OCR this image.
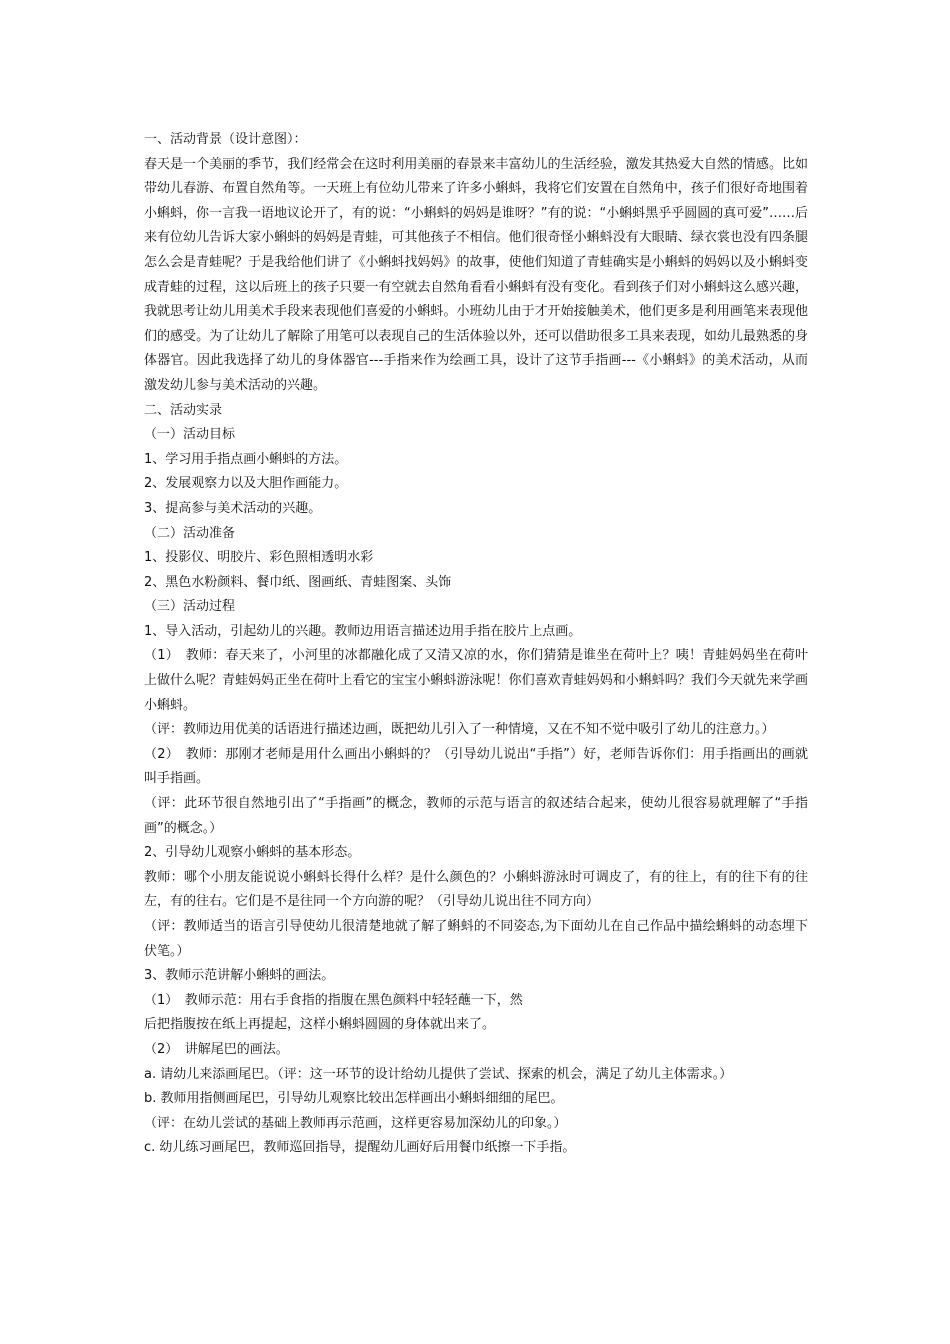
一、活动背景（设计意图）：

春天是一个美丽的季节，我们经常会在这时利用美丽的春景来丰富幼儿的生活经验，激发其热爱大自然的情感。比如带幼儿春游、布置自然角等。一天班上有位幼儿带来了许多小蝌蚪，我将它们安置在自然角中，孩子们很好奇地围着小蝌蚪，你一言我一语地议论开了，有的说：“小蝌蚪的妈妈是谁呀？”有的说：“小蝌蚪黑乎乎圆圆的真可爱”……后来有位幼儿告诉大家小蝌蚪的妈妈是青蛙，可其他孩子不相信。他们很奇怪小蝌蚪没有大眼睛、绿衣裳也没有四条腿怎么会是青蛙呢？于是我给他们讲了《小蝌蚪找妈妈》的故事，使他们知道了青蛙确实是小蝌蚪的妈妈以及小蝌蚪变成青蛙的过程，这以后班上的孩子只要一有空就去自然角看看小蝌蚪有没有变化。看到孩子们对小蝌蚪这么感兴趣，我就思考让幼儿用美术手段来表现他们喜爱的小蝌蚪。小班幼儿由于才开始接触美术，他们更多是利用画笔来表现他们的感受。为了让幼儿了解除了用笔可以表现自己的生活体验以外，还可以借助很多工具来表现，如幼儿最熟悉的身体器官。因此我选择了幼儿的身体器官---手指来作为绘画工具，设计了这节手指画---《小蝌蚪》的美术活动，从而激发幼儿参与美术活动的兴趣。

二、活动实录

（一）活动目标

1、学习用手指点画小蝌蚪的方法。

2、发展观察力以及大胆作画能力。

3、提高参与美术活动的兴趣。

（二）活动准备

1、投影仪、明胶片、彩色照相透明水彩

2、黑色水粉颜料、餐巾纸、图画纸、青蛙图案、头饰

（三）活动过程

1、导入活动，引起幼儿的兴趣。教师边用语言描述边用手指在胶片上点画。

（1）　教师：春天来了，小河里的冰都融化成了又清又凉的水，你们猜猜是谁坐在荷叶上？咦！青蛙妈妈坐在荷叶上做什么呢？青蛙妈妈正坐在荷叶上看它的宝宝小蝌蚪游泳呢！你们喜欢青蛙妈妈和小蝌蚪吗？我们今天就先来学画小蝌蚪。

（评：教师边用优美的话语进行描述边画，既把幼儿引入了一种情境，又在不知不觉中吸引了幼儿的注意力。）

（2）　教师：那刚才老师是用什么画出小蝌蚪的？（引导幼儿说出“手指”）好，老师告诉你们：用手指画出的画就叫手指画。

（评：此环节很自然地引出了“手指画”的概念，教师的示范与语言的叙述结合起来，使幼儿很容易就理解了“手指画”的概念。）

2、引导幼儿观察小蝌蚪的基本形态。

教师：哪个小朋友能说说小蝌蚪长得什么样？是什么颜色的？小蝌蚪游泳时可调皮了，有的往上，有的往下有的往左，有的往右。它们是不是往同一个方向游的呢？（引导幼儿说出往不同方向）

（评：教师适当的语言引导使幼儿很清楚地就了解了蝌蚪的不同姿态,为下面幼儿在自己作品中描绘蝌蚪的动态埋下伏笔。）

3、教师示范讲解小蝌蚪的画法。

（1）　教师示范：用右手食指的指腹在黑色颜料中轻轻蘸一下，然

后把指腹按在纸上再提起，这样小蝌蚪圆圆的身体就出来了。

（2）　讲解尾巴的画法。

a. 请幼儿来添画尾巴。（评：这一环节的设计给幼儿提供了尝试、探索的机会，满足了幼儿主体需求。）

b. 教师用指侧画尾巴，引导幼儿观察比较出怎样画出小蝌蚪细细的尾巴。

（评：在幼儿尝试的基础上教师再示范画，这样更容易加深幼儿的印象。）

c. 幼儿练习画尾巴，教师巡回指导，提醒幼儿画好后用餐巾纸擦一下手指。
